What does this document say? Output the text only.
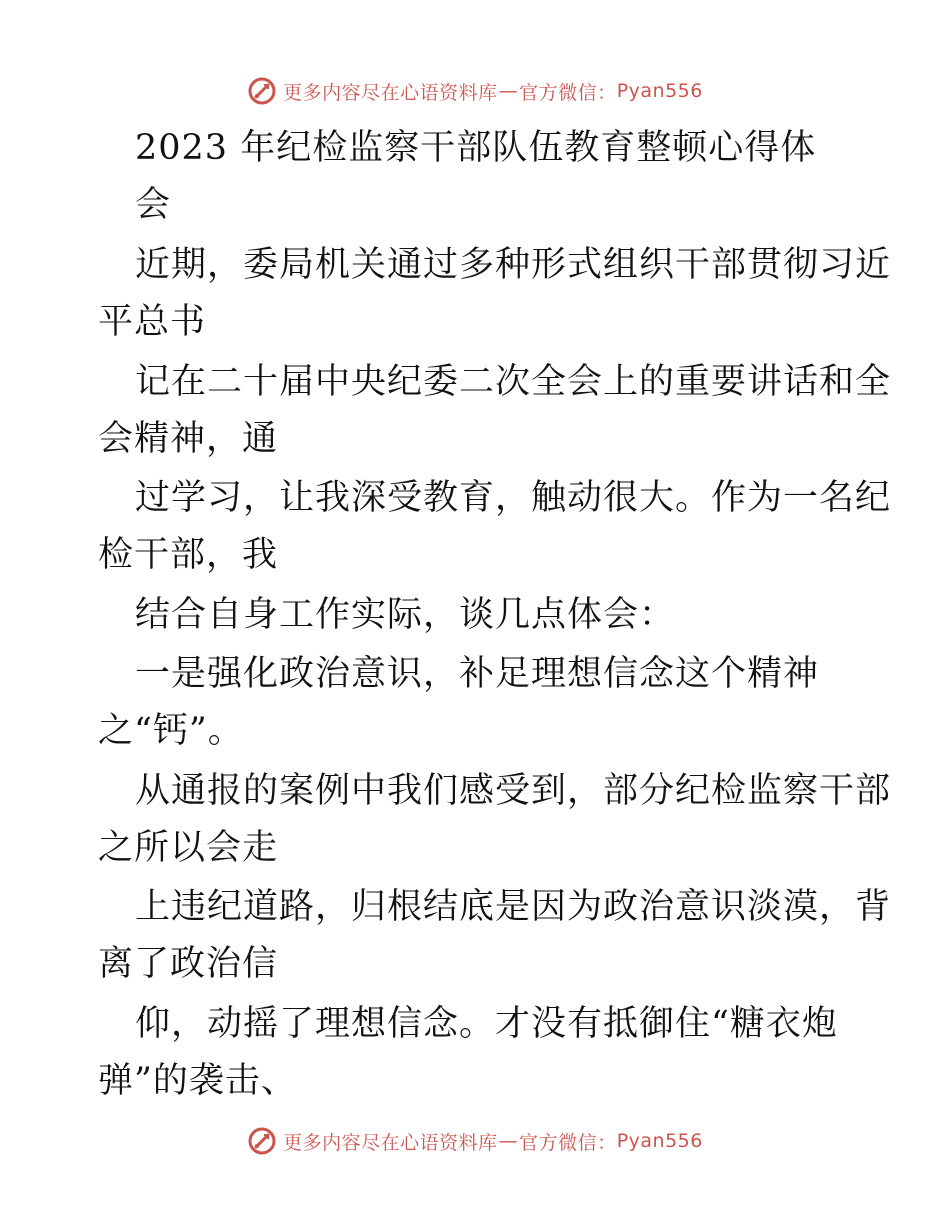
更多内容尽在心语资料库 — 官方微信： Pyan556
2023 年纪检监察干部队伍教育整顿心得体
会
近期，委局机关通过多种形式组织干部贯彻习近
平总书
记在二十届中央纪委二次全会上的重要讲话和全
会精神，通
过学习，让我深受教育，触动很大。作为一名纪
检干部，我
结合自身工作实际，谈几点体会：
一是强化政治意识，补足理想信念这个精神
之“钙”。
从通报的案例中我们感受到，部分纪检监察干部
之所以会走
上违纪道路，归根结底是因为政治意识淡漠，背
离了政治信
仰，动摇了理想信念。才没有抵御住“糖衣炮
弹”的袭击、
更多内容尽在心语资料库 — 官方微信： Pyan556
